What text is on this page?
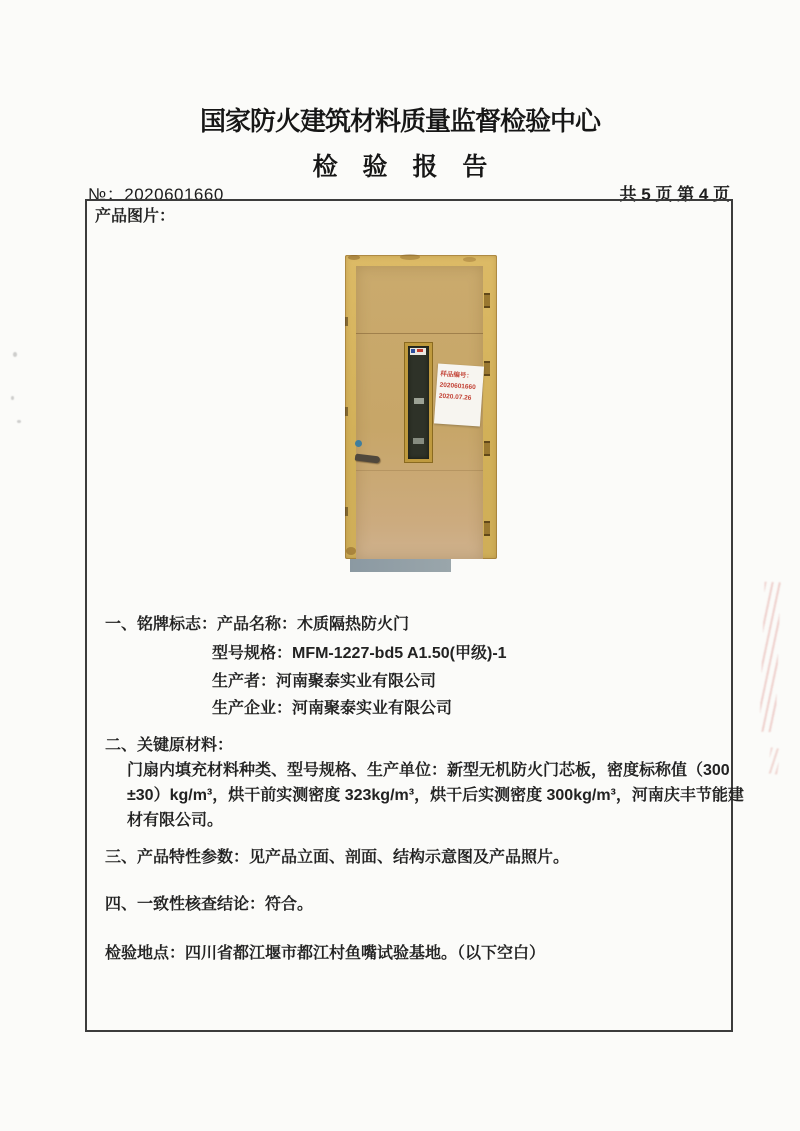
国家防火建筑材料质量监督检验中心
检 验 报 告
№：2020601660	共 5 页 第 4 页
产品图片：
样品编号：
2020601660
2020.07.26
一、铭牌标志：产品名称：木质隔热防火门
型号规格：MFM-1227-bd5 A1.50(甲级)-1
生产者：河南聚泰实业有限公司
生产企业：河南聚泰实业有限公司
二、关键原材料：
门扇内填充材料种类、型号规格、生产单位：新型无机防火门芯板，密度标称值（300
±30）kg/m³，烘干前实测密度 323kg/m³，烘干后实测密度 300kg/m³，河南庆丰节能建
材有限公司。
三、产品特性参数：见产品立面、剖面、结构示意图及产品照片。
四、一致性核查结论：符合。
检验地点：四川省都江堰市都江村鱼嘴试验基地。（以下空白）
